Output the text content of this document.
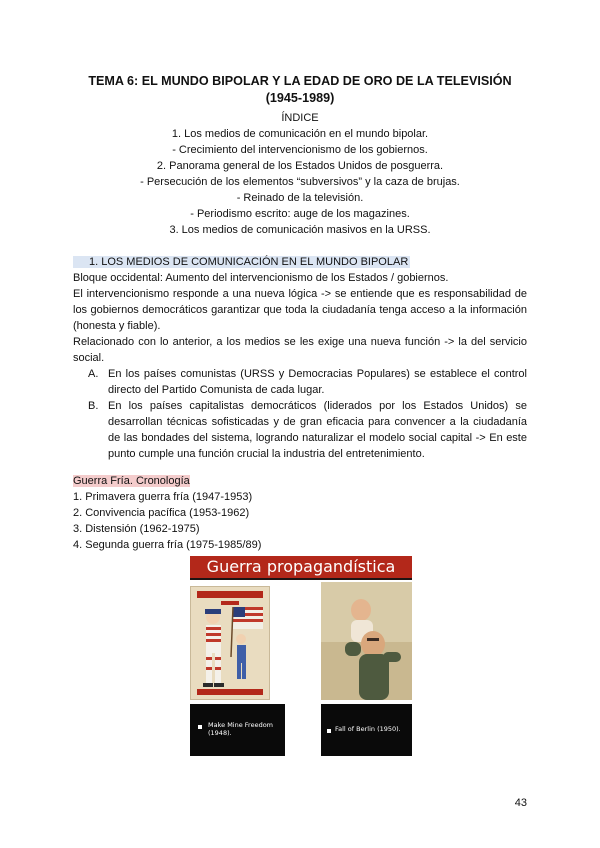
TEMA 6: EL MUNDO BIPOLAR Y LA EDAD DE ORO DE LA TELEVISIÓN
(1945-1989)
ÍNDICE
1. Los medios de comunicación en el mundo bipolar.
- Crecimiento del intervencionismo de los gobiernos.
2. Panorama general de los Estados Unidos de posguerra.
- Persecución de los elementos “subversivos” y la caza de brujas.
- Reinado de la televisión.
- Periodismo escrito: auge de los magazines.
3. Los medios de comunicación masivos en la URSS.
1. LOS MEDIOS DE COMUNICACIÓN EN EL MUNDO BIPOLAR
Bloque occidental: Aumento del intervencionismo de los Estados / gobiernos.
El intervencionismo responde a una nueva lógica -> se entiende que es responsabilidad de los gobiernos democráticos garantizar que toda la ciudadanía tenga acceso a la información (honesta y fiable).
Relacionado con lo anterior, a los medios se les exige una nueva función -> la del servicio social.
A. En los países comunistas (URSS y Democracias Populares) se establece el control directo del Partido Comunista de cada lugar.
B. En los países capitalistas democráticos (liderados por los Estados Unidos) se desarrollan técnicas sofisticadas y de gran eficacia para convencer a la ciudadanía de las bondades del sistema, logrando naturalizar el modelo social capital -> En este punto cumple una función crucial la industria del entretenimiento.
Guerra Fría. Cronología
1. Primavera guerra fría (1947-1953)
2. Convivencia pacífica (1953-1962)
3. Distensión (1962-1975)
4. Segunda guerra fría (1975-1985/89)
Guerra propagandística
Make Mine Freedom (1948).	Fall of Berlin (1950).
43
